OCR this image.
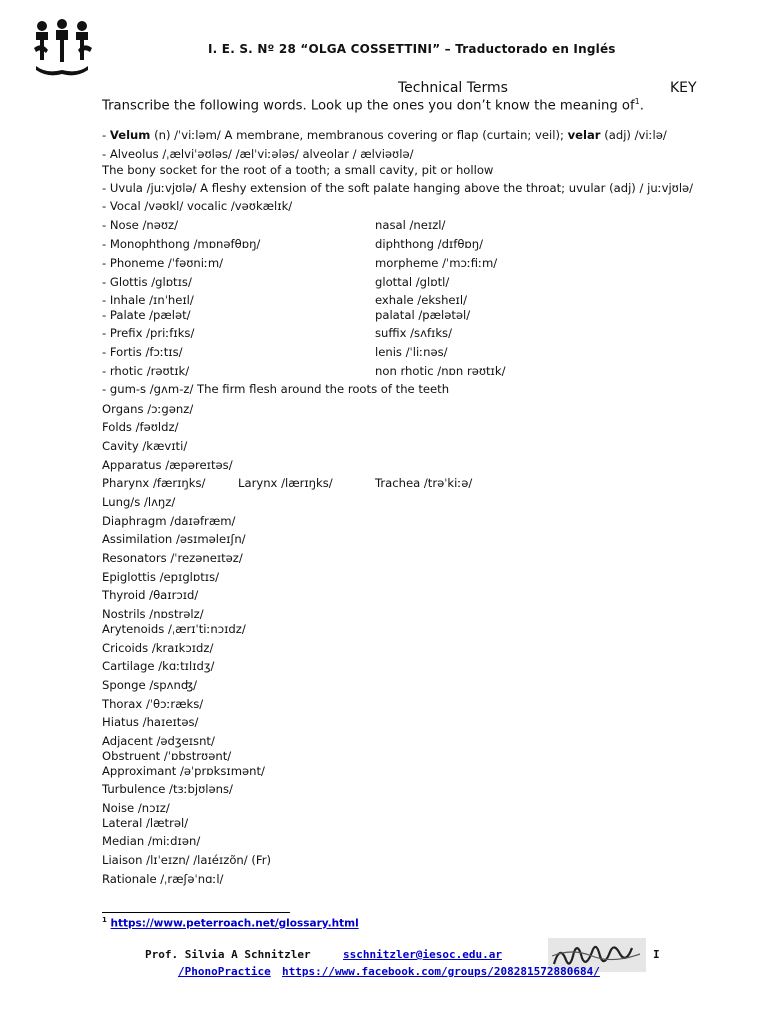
I. E. S. Nº 28 “OLGA COSSETTINI” – Traductorado en Inglés
Technical Terms	KEY
Transcribe the following words. Look up the ones you don’t know the meaning $of^1$.
- Velum (n) /ˈviːləm/ A membrane, membranous covering or flap (curtain; veil); velar (adj) /viːlə/
- Alveolus /ˌælviˈəʊləs/ /ælˈviːələs/ alveolar / ælviəʊlə/
The bony socket for the root of a tooth; a small cavity, pit or hollow
- Uvula /juːvjʊlə/ A fleshy extension of the soft palate hanging above the throat; uvular (adj) / juːvjʊlə/
- Vocal /vəʊkl/ vocalic /vəʊkælɪk/
- Nose /nəʊz/	nasal /neɪzl/
- Monophthong /mɒnəfθɒŋ/	diphthong /dɪfθɒŋ/
- Phoneme /ˈfəʊniːm/	morpheme /ˈmɔːfiːm/
- Glottis /glɒtɪs/	glottal /glɒtl/
- Inhale /ɪnˈheɪl/	exhale /eksheɪl/
- Palate /pælət/	palatal /pælətəl/
- Prefix /priːfɪks/	suffix /sʌfɪks/
- Fortis /fɔːtɪs/	lenis /ˈliːnəs/
- rhotic /rəʊtɪk/	non rhotic /nɒn rəʊtɪk/
- gum-s /gʌm-z/ The firm flesh around the roots of the teeth
Organs /ɔːgənz/
Folds /fəʊldz/
Cavity /kævɪti/
Apparatus /æpəreɪtəs/
Pharynx /færɪŋks/	Larynx /lærɪŋks/	Trachea /trəˈkiːə/
Lung/s /lʌŋz/
Diaphragm /daɪəfræm/
Assimilation /əsɪməleɪʃn/
Resonators /ˈrezəneɪtəz/
Epiglottis /epɪglɒtɪs/
Thyroid /θaɪrɔɪd/
Nostrils /nɒstrəlz/
Arytenoids /ˌærɪˈtiːnɔɪdz/
Cricoids /kraɪkɔɪdz/
Cartilage /kɑːtɪlɪdʒ/
Sponge /spʌnʤ/
Thorax /ˈθɔːræks/
Hiatus /haɪeɪtəs/
Adjacent /ədʒeɪsnt/
Obstruent /ˈɒbstrʊənt/
Approximant /əˈprɒksɪmənt/
Turbulence /tɜːbjʊləns/
Noise /nɔɪz/
Lateral /lætrəl/
Median /miːdɪən/
Liaison /lɪˈeɪzn/ /laɪéɪzõn/ (Fr)
Rationale /ˌræʃəˈnɑːl/
$^1$ https://www.peterroach.net/glossary.html
Prof. Silvia A Schnitzler	sschnitzler@iesoc.edu.ar	I
/PhonoPractice https://www.facebook.com/groups/208281572880684/
